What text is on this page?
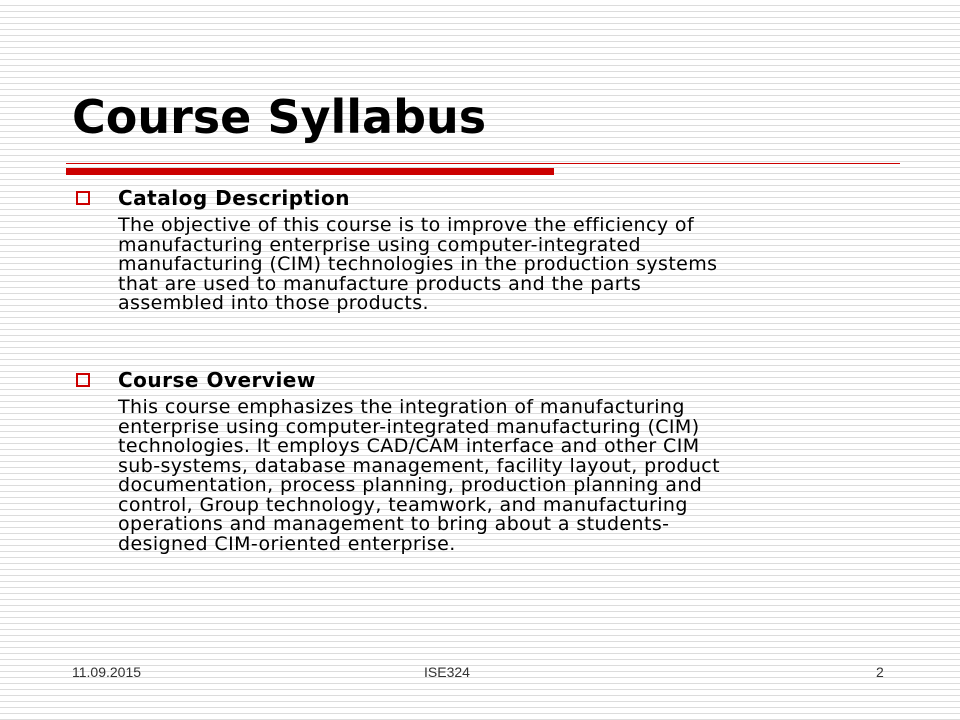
Course Syllabus
Catalog Description
The objective of this course is to improve the efficiency of
manufacturing enterprise using computer-integrated
manufacturing (CIM) technologies in the production systems
that are used to manufacture products and the parts
assembled into those products.
Course Overview
This course emphasizes the integration of manufacturing
enterprise using computer-integrated manufacturing (CIM)
technologies. It employs CAD/CAM interface and other CIM
sub-systems, database management, facility layout, product
documentation, process planning, production planning and
control, Group technology, teamwork, and manufacturing
operations and management to bring about a students-
designed CIM-oriented enterprise.
11.09.2015	ISE324	2
